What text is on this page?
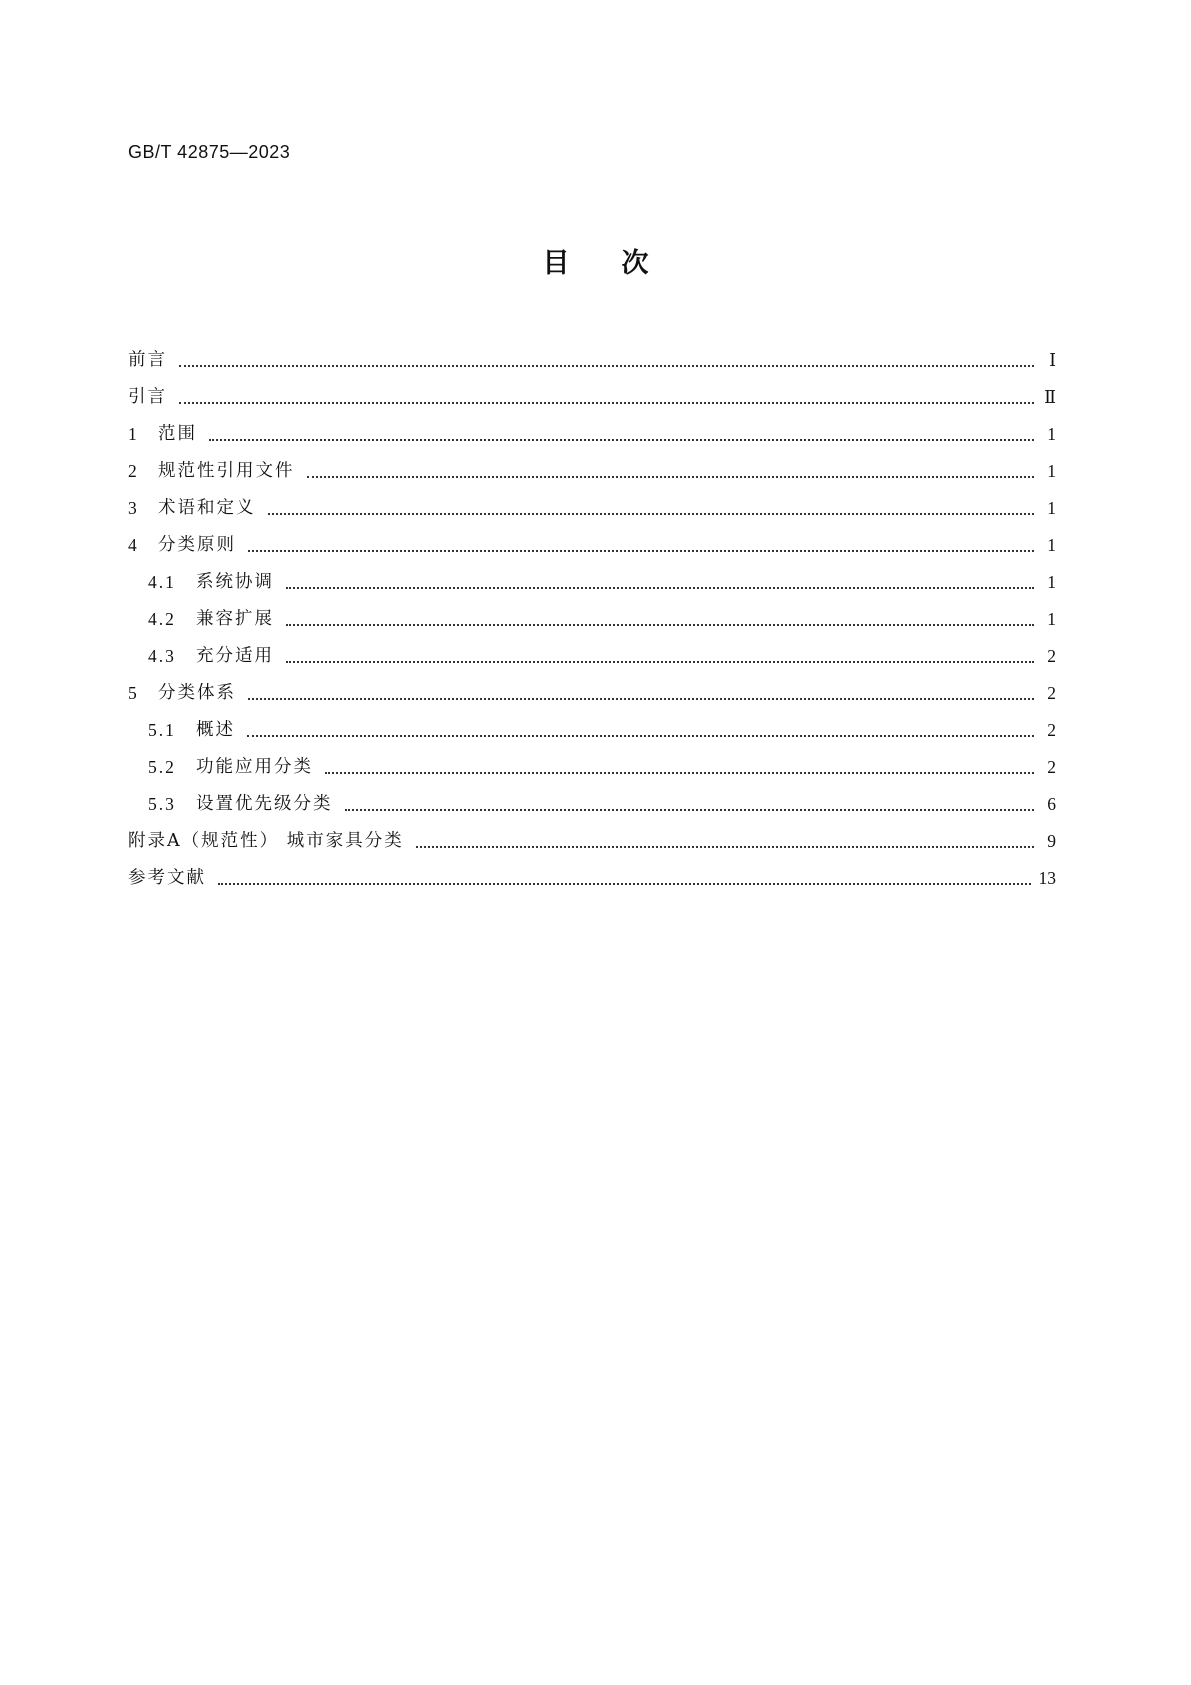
GB/T 42875—2023
目次
前言	Ⅰ
引言	Ⅱ
1	范围	1
2	规范性引用文件	1
3	术语和定义	1
4	分类原则	1
4.1	系统协调	1
4.2	兼容扩展	1
4.3	充分适用	2
5	分类体系	2
5.1	概述	2
5.2	功能应用分类	2
5.3	设置优先级分类	6
附录A（规范性） 城市家具分类	9
参考文献	13
